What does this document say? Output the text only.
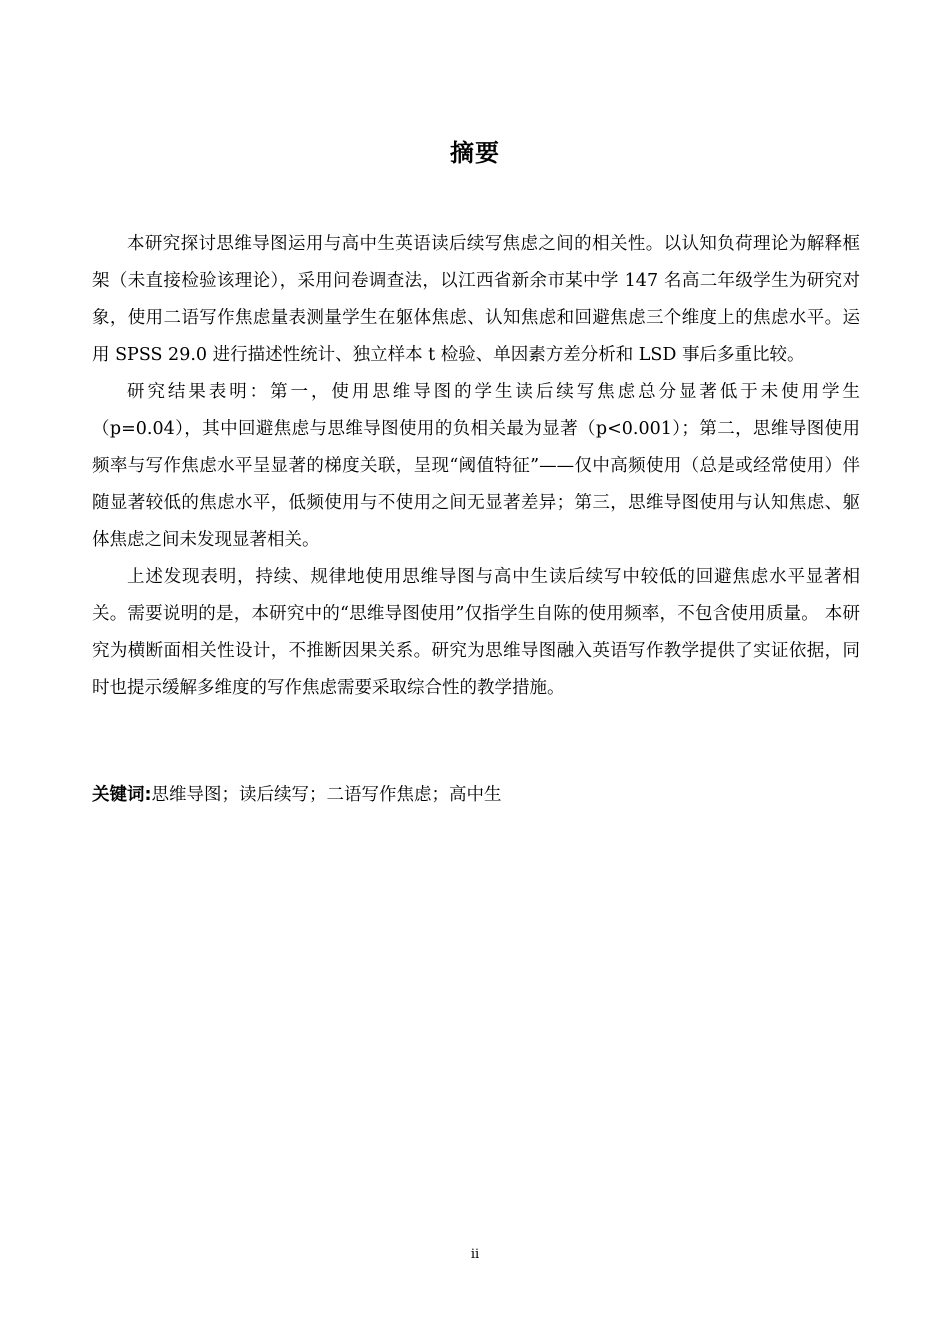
摘要

本研究探讨思维导图运用与高中生英语读后续写焦虑之间的相关性。以认知负荷理论为解释框架（未直接检验该理论），采用问卷调查法，以江西省新余市某中学 147 名高二年级学生为研究对象，使用二语写作焦虑量表测量学生在躯体焦虑、认知焦虑和回避焦虑三个维度上的焦虑水平。运用 SPSS 29.0 进行描述性统计、独立样本 t 检验、单因素方差分析和 LSD 事后多重比较。

研究结果表明：第一，使用思维导图的学生读后续写焦虑总分显著低于未使用学生（p=0.04），其中回避焦虑与思维导图使用的负相关最为显著（p<0.001）；第二，思维导图使用频率与写作焦虑水平呈显著的梯度关联，呈现“阈值特征”——仅中高频使用（总是或经常使用）伴随显著较低的焦虑水平，低频使用与不使用之间无显著差异；第三，思维导图使用与认知焦虑、躯体焦虑之间未发现显著相关。

上述发现表明，持续、规律地使用思维导图与高中生读后续写中较低的回避焦虑水平显著相关。需要说明的是，本研究中的“思维导图使用”仅指学生自陈的使用频率，不包含使用质量。 本研究为横断面相关性设计，不推断因果关系。研究为思维导图融入英语写作教学提供了实证依据，同时也提示缓解多维度的写作焦虑需要采取综合性的教学措施。

关键词:思维导图；读后续写；二语写作焦虑；高中生
ii
